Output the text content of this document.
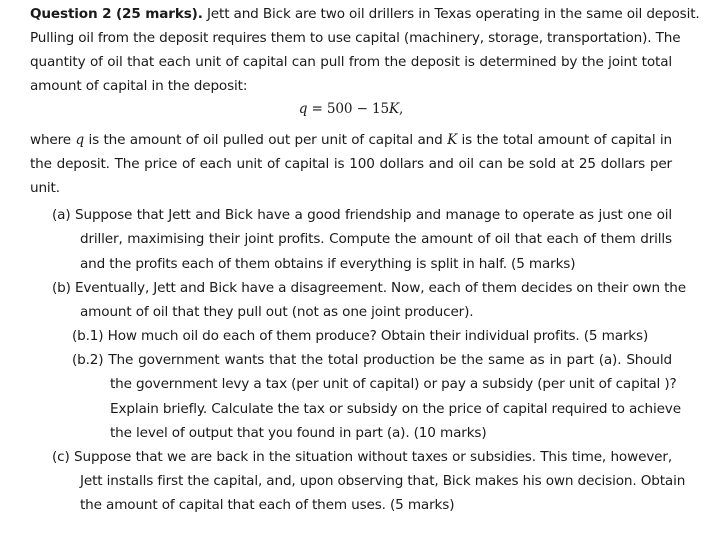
Question 2 (25 marks). Jett and Bick are two oil drillers in Texas operating in the same oil deposit.
Pulling oil from the deposit requires them to use capital (machinery, storage, transportation). The
quantity of oil that each unit of capital can pull from the deposit is determined by the joint total
amount of capital in the deposit:
q = 500 − 15K,
where q is the amount of oil pulled out per unit of capital and K is the total amount of capital in
the deposit. The price of each unit of capital is 100 dollars and oil can be sold at 25 dollars per
unit.
(a) Suppose that Jett and Bick have a good friendship and manage to operate as just one oil
driller, maximising their joint profits. Compute the amount of oil that each of them drills
and the profits each of them obtains if everything is split in half. (5 marks)
(b) Eventually, Jett and Bick have a disagreement. Now, each of them decides on their own the
amount of oil that they pull out (not as one joint producer).
(b.1) How much oil do each of them produce? Obtain their individual profits. (5 marks)
(b.2) The government wants that the total production be the same as in part (a). Should
the government levy a tax (per unit of capital) or pay a subsidy (per unit of capital )?
Explain briefly. Calculate the tax or subsidy on the price of capital required to achieve
the level of output that you found in part (a). (10 marks)
(c) Suppose that we are back in the situation without taxes or subsidies. This time, however,
Jett installs first the capital, and, upon observing that, Bick makes his own decision. Obtain
the amount of capital that each of them uses. (5 marks)
